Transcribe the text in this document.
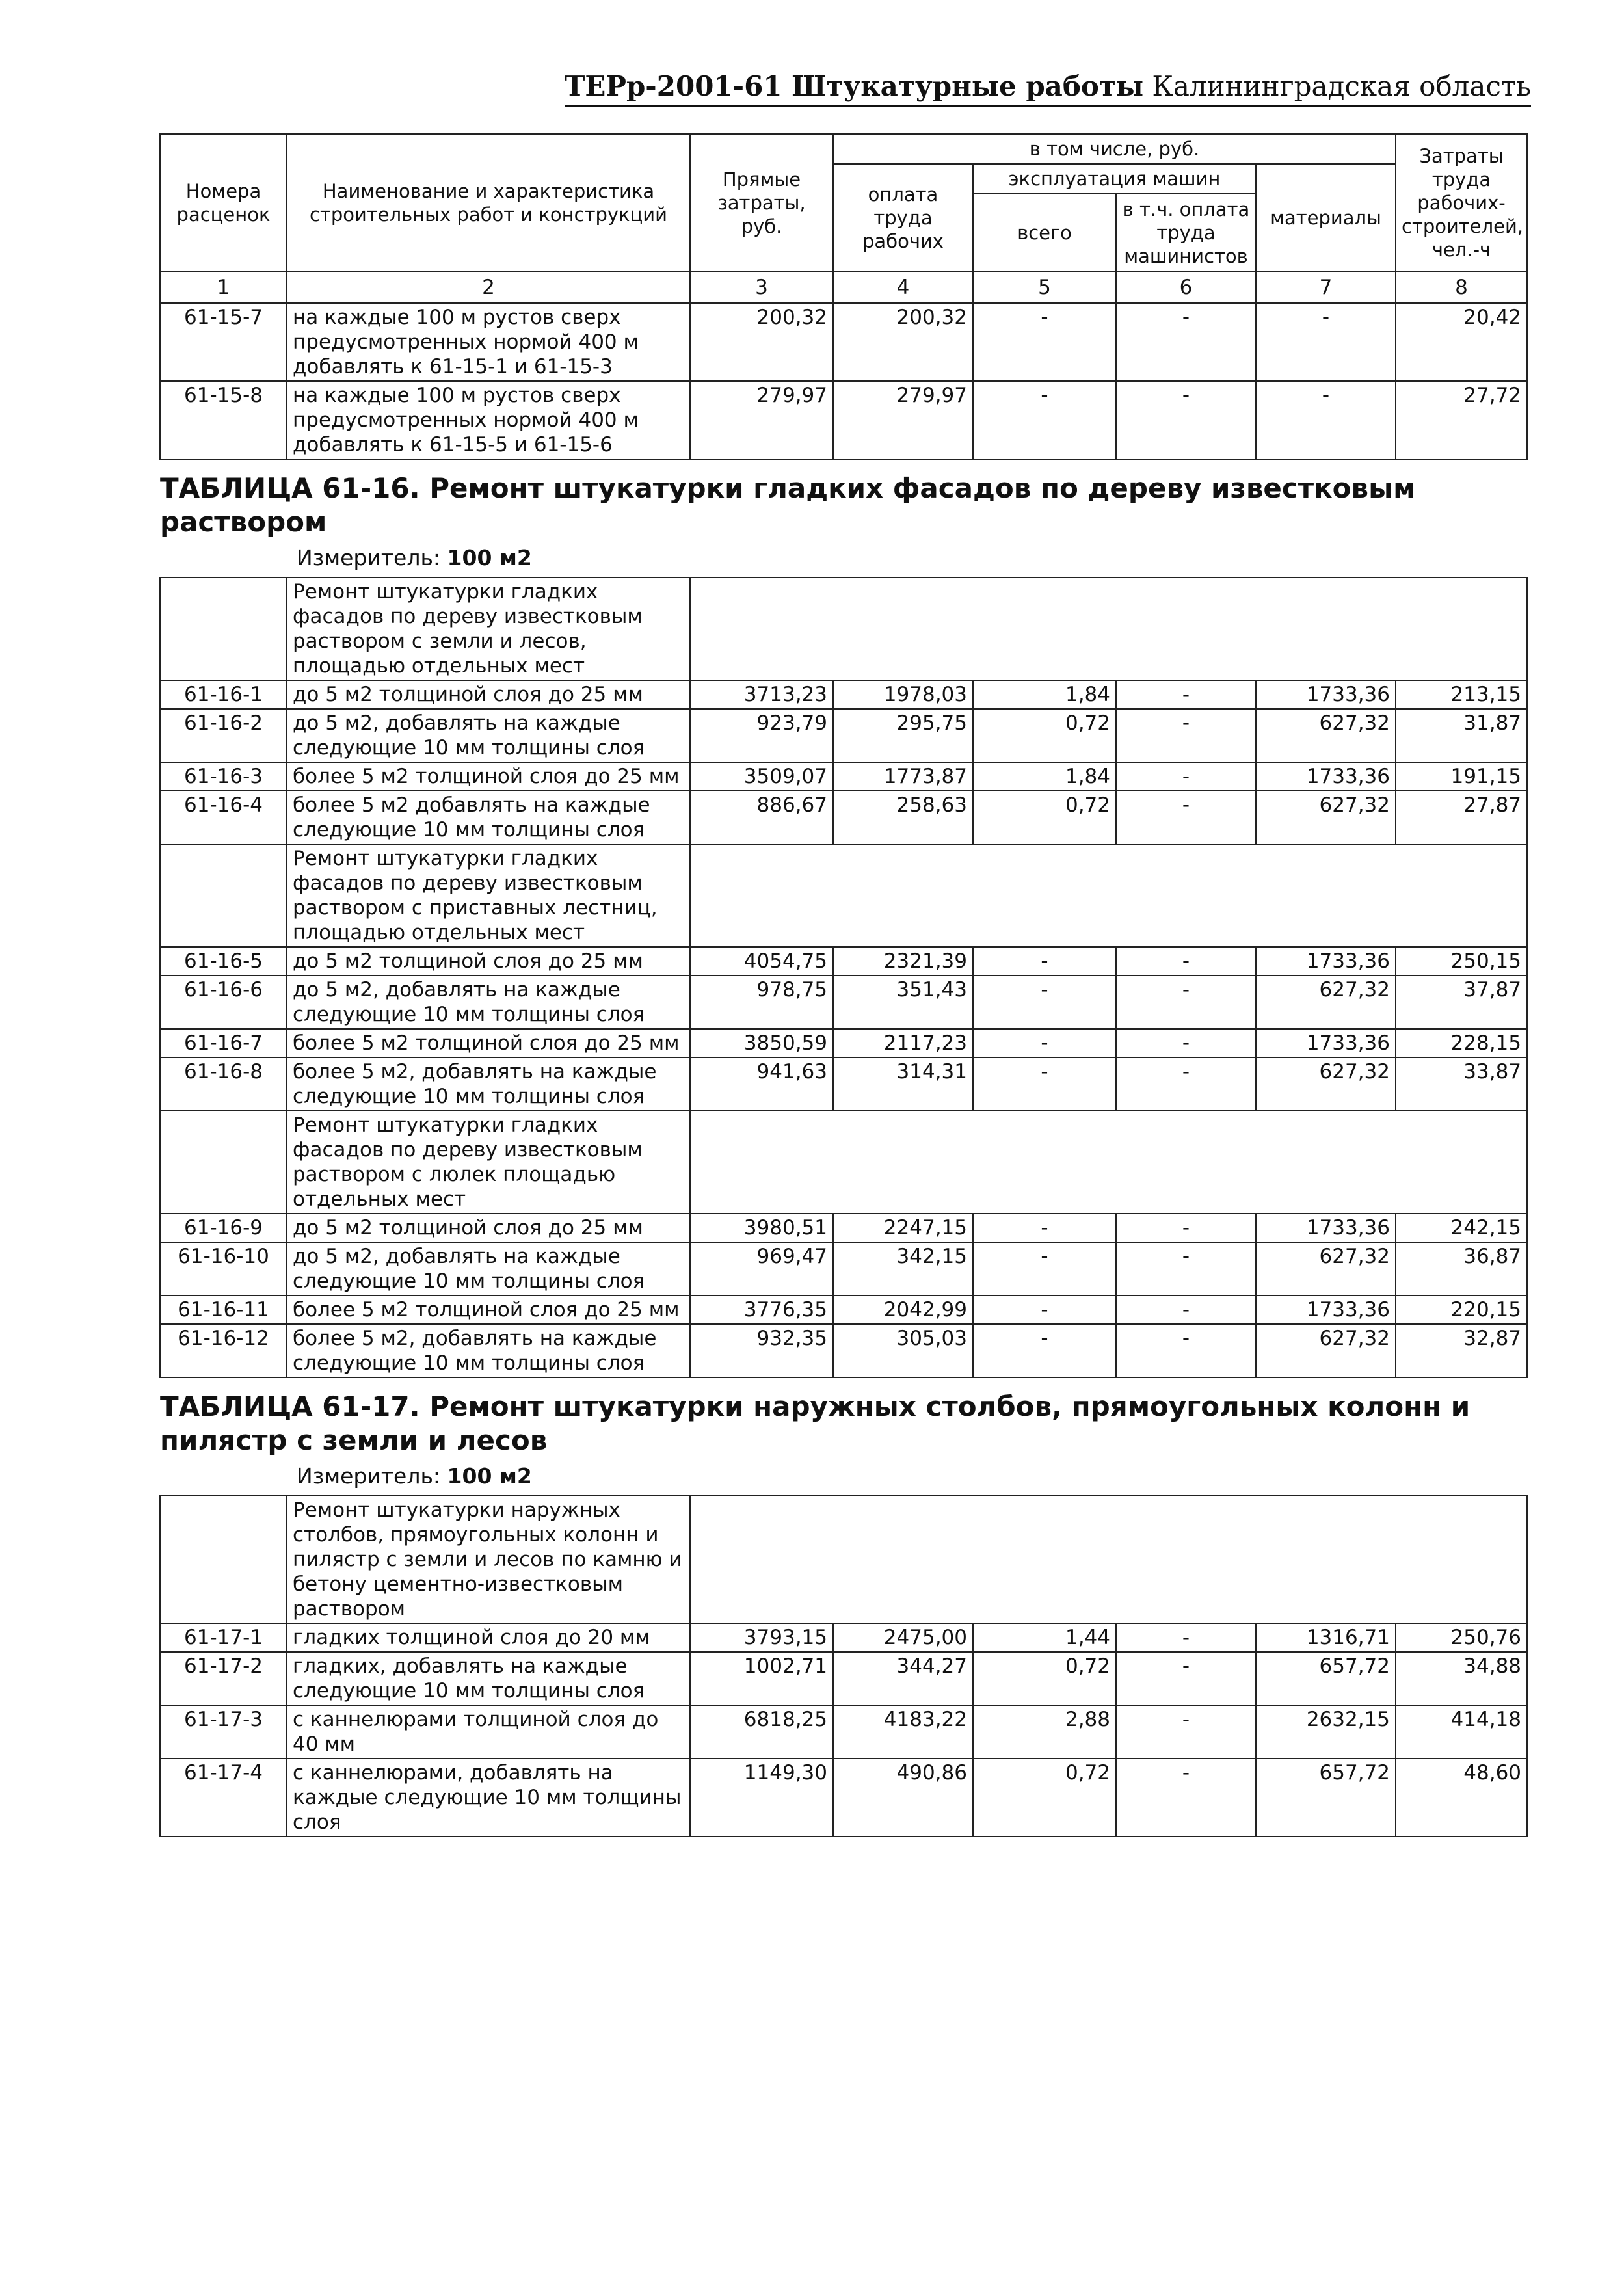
ТЕРр-2001-61 Штукатурные работы Калининградская область
Номера расценок	Наименование и характеристика строительных работ и конструкций	Прямые затраты, руб.	в том числе, руб.				Затраты труда рабочих-строителей, чел.-ч
			оплата труда рабочих	эксплуатация машин		материалы	
				всего	в т.ч. оплата труда машинистов		

1	2	3	4	5	6	7	8
61-15-7	на каждые 100 м рустов сверх предусмотренных нормой 400 м добавлять к 61-15-1 и 61-15-3	200,32	200,32	-	-	-	20,42
61-15-8	на каждые 100 м рустов сверх предусмотренных нормой 400 м добавлять к 61-15-5 и 61-15-6	279,97	279,97	-	-	-	27,72
ТАБЛИЦА 61-16. Ремонт штукатурки гладких фасадов по дереву известковым раствором							
Измеритель: 100 м2							
	Ремонт штукатурки гладких фасадов по дереву известковым раствором с земли и лесов, площадью отдельных мест						
61-16-1	до 5 м2 толщиной слоя до 25 мм	3713,23	1978,03	1,84	-	1733,36	213,15
61-16-2	до 5 м2, добавлять на каждые следующие 10 мм толщины слоя	923,79	295,75	0,72	-	627,32	31,87
61-16-3	более 5 м2 толщиной слоя до 25 мм	3509,07	1773,87	1,84	-	1733,36	191,15
61-16-4	более 5 м2 добавлять на каждые следующие 10 мм толщины слоя	886,67	258,63	0,72	-	627,32	27,87
	Ремонт штукатурки гладких фасадов по дереву известковым раствором с приставных лестниц, площадью отдельных мест						
61-16-5	до 5 м2 толщиной слоя до 25 мм	4054,75	2321,39	-	-	1733,36	250,15
61-16-6	до 5 м2, добавлять на каждые следующие 10 мм толщины слоя	978,75	351,43	-	-	627,32	37,87
61-16-7	более 5 м2 толщиной слоя до 25 мм	3850,59	2117,23	-	-	1733,36	228,15
61-16-8	более 5 м2, добавлять на каждые следующие 10 мм толщины слоя	941,63	314,31	-	-	627,32	33,87
	Ремонт штукатурки гладких фасадов по дереву известковым раствором с люлек площадью отдельных мест						
61-16-9	до 5 м2 толщиной слоя до 25 мм	3980,51	2247,15	-	-	1733,36	242,15
61-16-10	до 5 м2, добавлять на каждые следующие 10 мм толщины слоя	969,47	342,15	-	-	627,32	36,87
61-16-11	более 5 м2 толщиной слоя до 25 мм	3776,35	2042,99	-	-	1733,36	220,15
61-16-12	более 5 м2, добавлять на каждые следующие 10 мм толщины слоя	932,35	305,03	-	-	627,32	32,87
ТАБЛИЦА 61-17. Ремонт штукатурки наружных столбов, прямоугольных колонн и пилястр с земли и лесов							
Измеритель: 100 м2							
	Ремонт штукатурки наружных столбов, прямоугольных колонн и пилястр с земли и лесов по камню и бетону цементно-известковым раствором						
61-17-1	гладких толщиной слоя до 20 мм	3793,15	2475,00	1,44	-	1316,71	250,76
61-17-2	гладких, добавлять на каждые следующие 10 мм толщины слоя	1002,71	344,27	0,72	-	657,72	34,88
61-17-3	с каннелюрами толщиной слоя до 40 мм	6818,25	4183,22	2,88	-	2632,15	414,18
61-17-4	с каннелюрами, добавлять на каждые следующие 10 мм толщины слоя	1149,30	490,86	0,72	-	657,72	48,60
